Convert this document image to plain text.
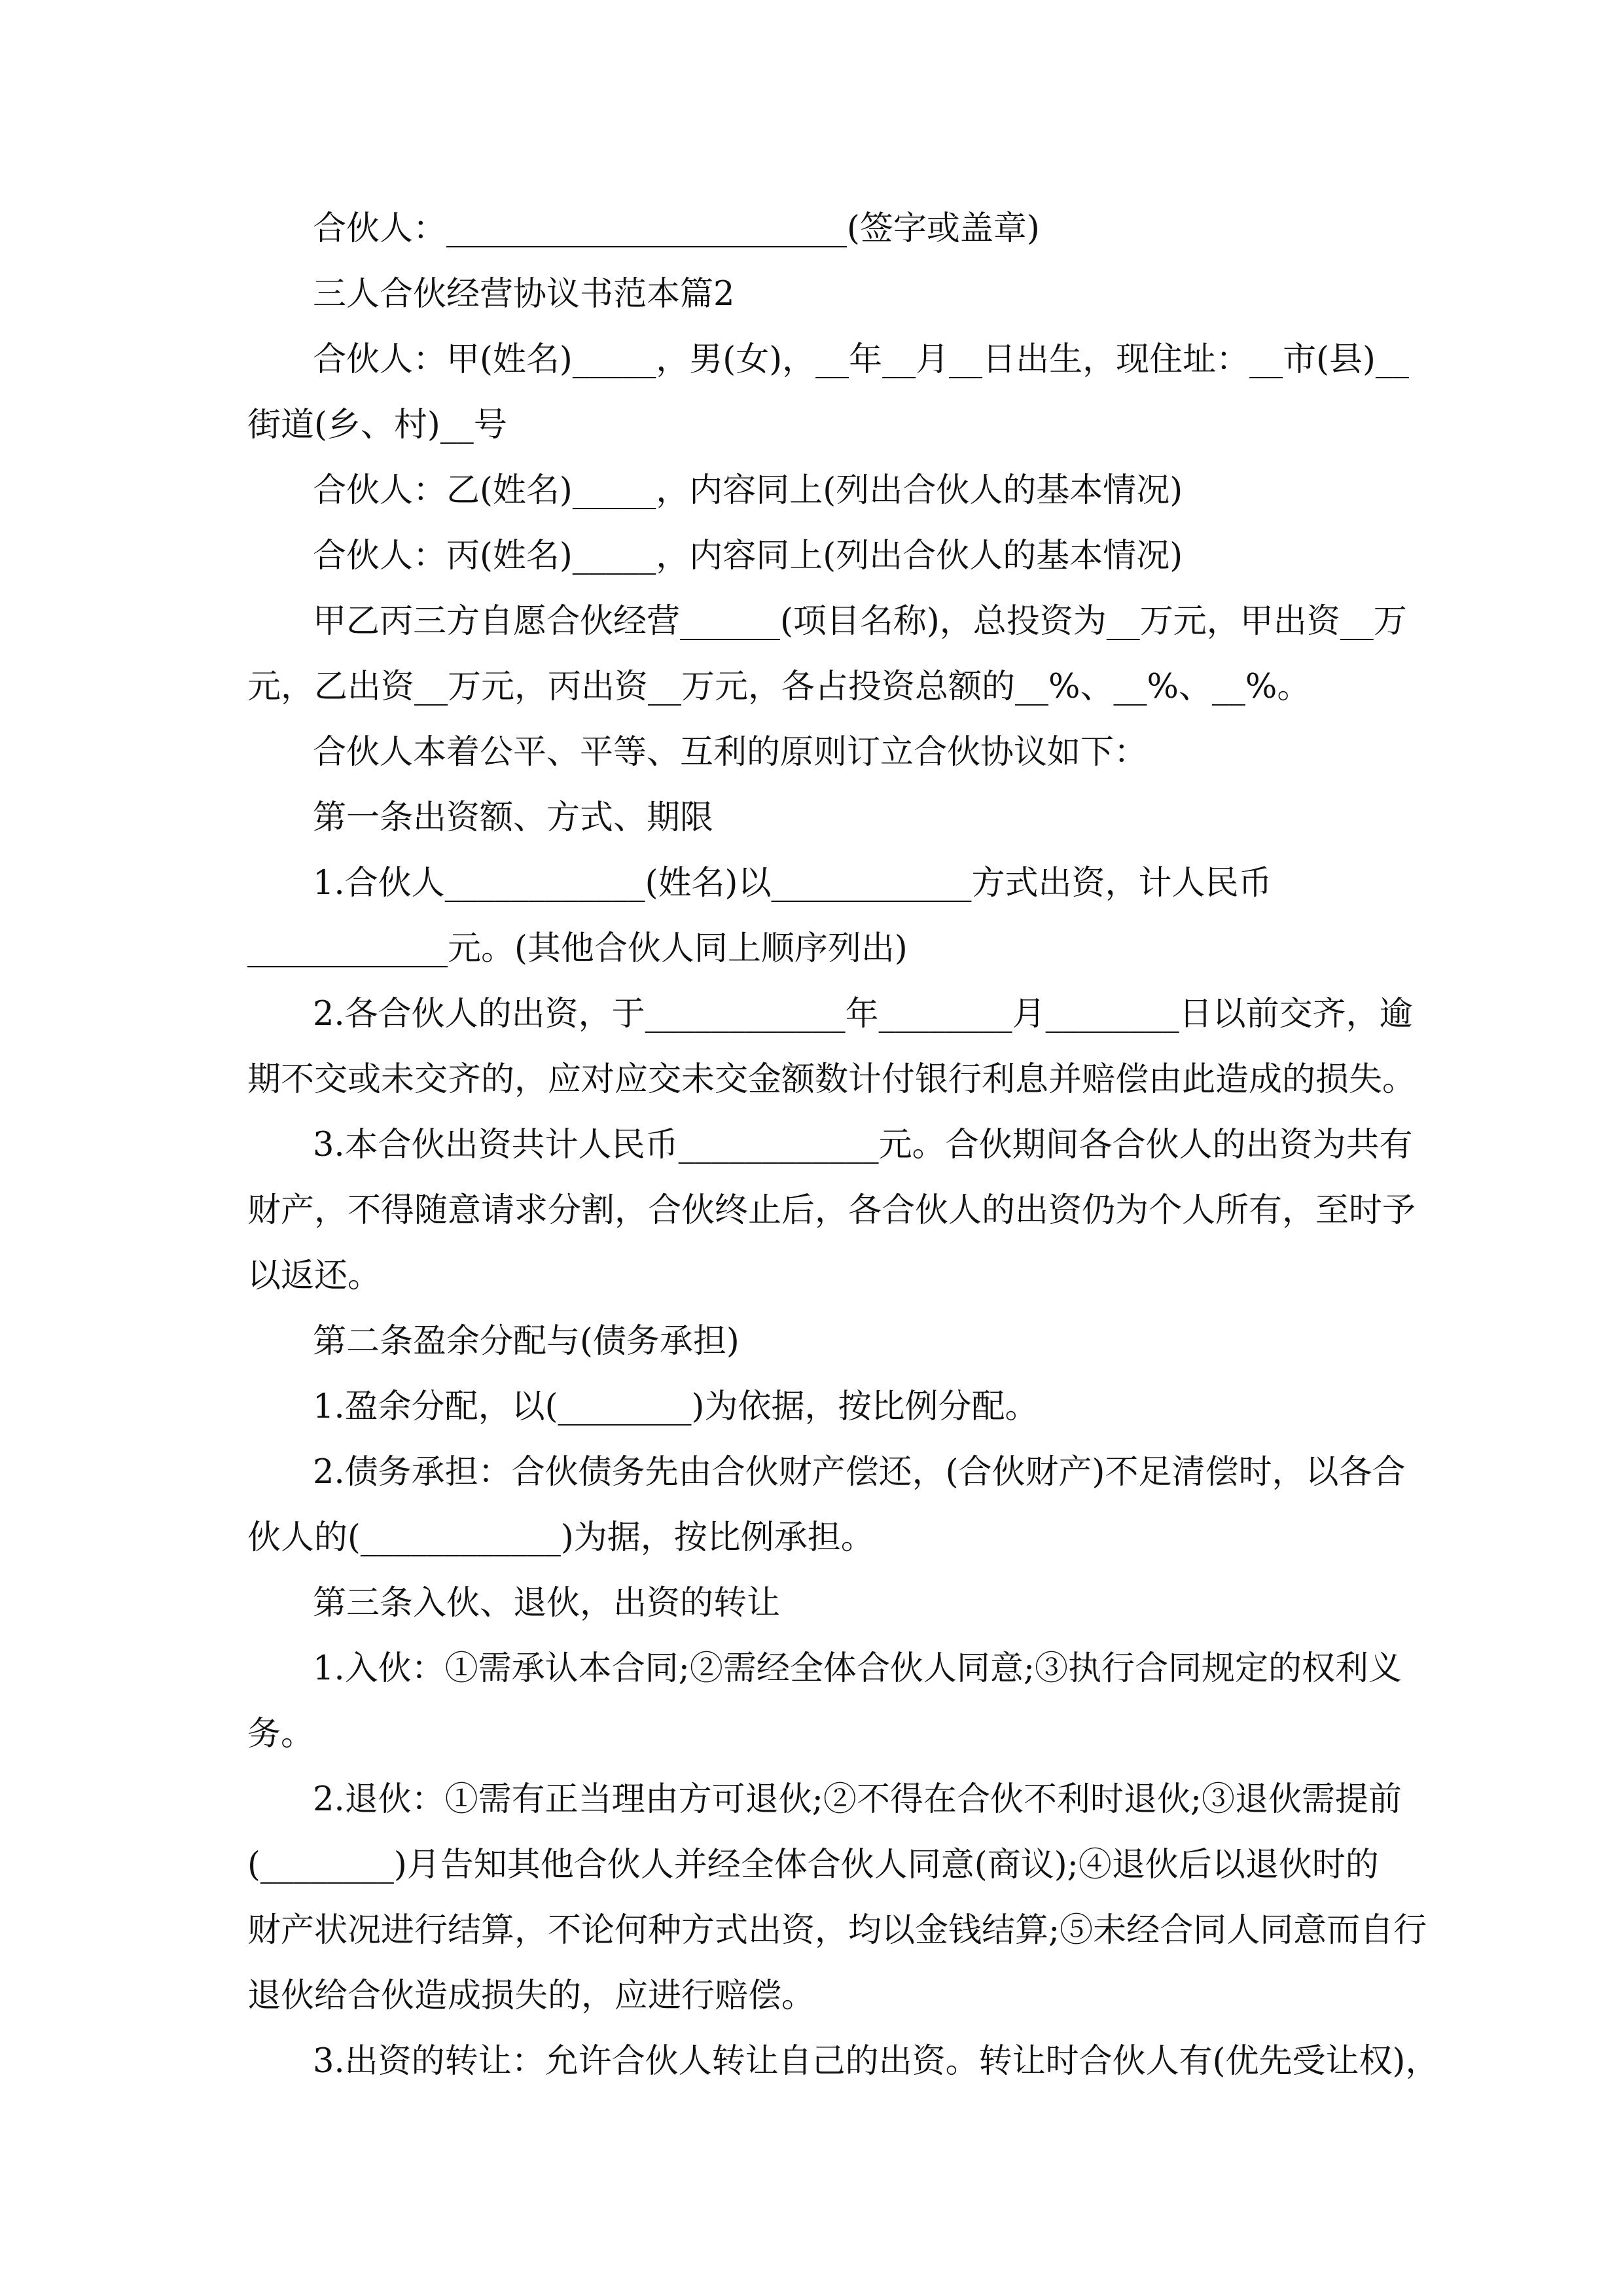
合伙人：________________________(签字或盖章)
三人合伙经营协议书范本篇2
合伙人：甲(姓名)_____，男(女)，__年__月__日出生，现住址：__市(县)__
街道(乡、村)__号
合伙人：乙(姓名)_____，内容同上(列出合伙人的基本情况)
合伙人：丙(姓名)_____，内容同上(列出合伙人的基本情况)
甲乙丙三方自愿合伙经营______(项目名称)，总投资为__万元，甲出资__万
元，乙出资__万元，丙出资__万元，各占投资总额的__%、__%、__%。
合伙人本着公平、平等、互利的原则订立合伙协议如下：
第一条出资额、方式、期限
1.合伙人____________(姓名)以____________方式出资，计人民币
____________元。(其他合伙人同上顺序列出)
2.各合伙人的出资，于____________年________月________日以前交齐，逾
期不交或未交齐的，应对应交未交金额数计付银行利息并赔偿由此造成的损失。
3.本合伙出资共计人民币____________元。合伙期间各合伙人的出资为共有
财产，不得随意请求分割，合伙终止后，各合伙人的出资仍为个人所有，至时予
以返还。
第二条盈余分配与(债务承担)
1.盈余分配，以(________)为依据，按比例分配。
2.债务承担：合伙债务先由合伙财产偿还，(合伙财产)不足清偿时，以各合
伙人的(____________)为据，按比例承担。
第三条入伙、退伙，出资的转让
1.入伙：①需承认本合同;②需经全体合伙人同意;③执行合同规定的权利义
务。
2.退伙：①需有正当理由方可退伙;②不得在合伙不利时退伙;③退伙需提前
(________)月告知其他合伙人并经全体合伙人同意(商议);④退伙后以退伙时的
财产状况进行结算，不论何种方式出资，均以金钱结算;⑤未经合同人同意而自行
退伙给合伙造成损失的，应进行赔偿。
3.出资的转让：允许合伙人转让自己的出资。转让时合伙人有(优先受让权)，
